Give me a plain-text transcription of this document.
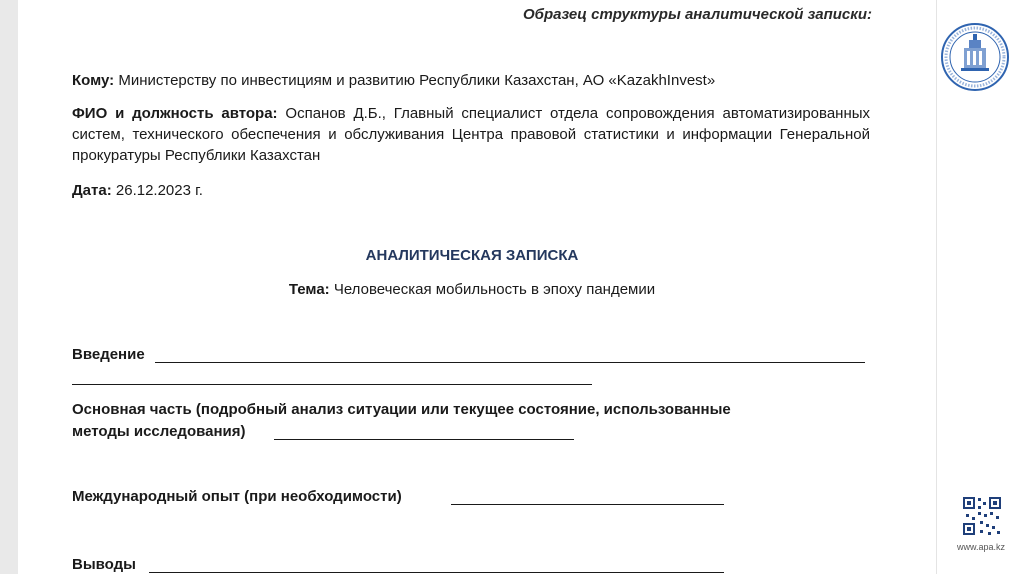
Образец структуры аналитической записки:
Кому: Министерству по инвестициям и развитию Республики Казахстан, АО «KazakhInvest»
ФИО и должность автора: Оспанов Д.Б., Главный специалист отдела сопровождения автоматизированных систем, технического обеспечения и обслуживания Центра правовой статистики и информации Генеральной прокуратуры Республики Казахстан
Дата: 26.12.2023 г.
АНАЛИТИЧЕСКАЯ ЗАПИСКА
Тема: Человеческая мобильность в эпоху пандемии
Введение
Основная часть (подробный анализ ситуации или текущее состояние, использованные
методы исследования)
Международный опыт (при необходимости)
Выводы
www.apa.kz
